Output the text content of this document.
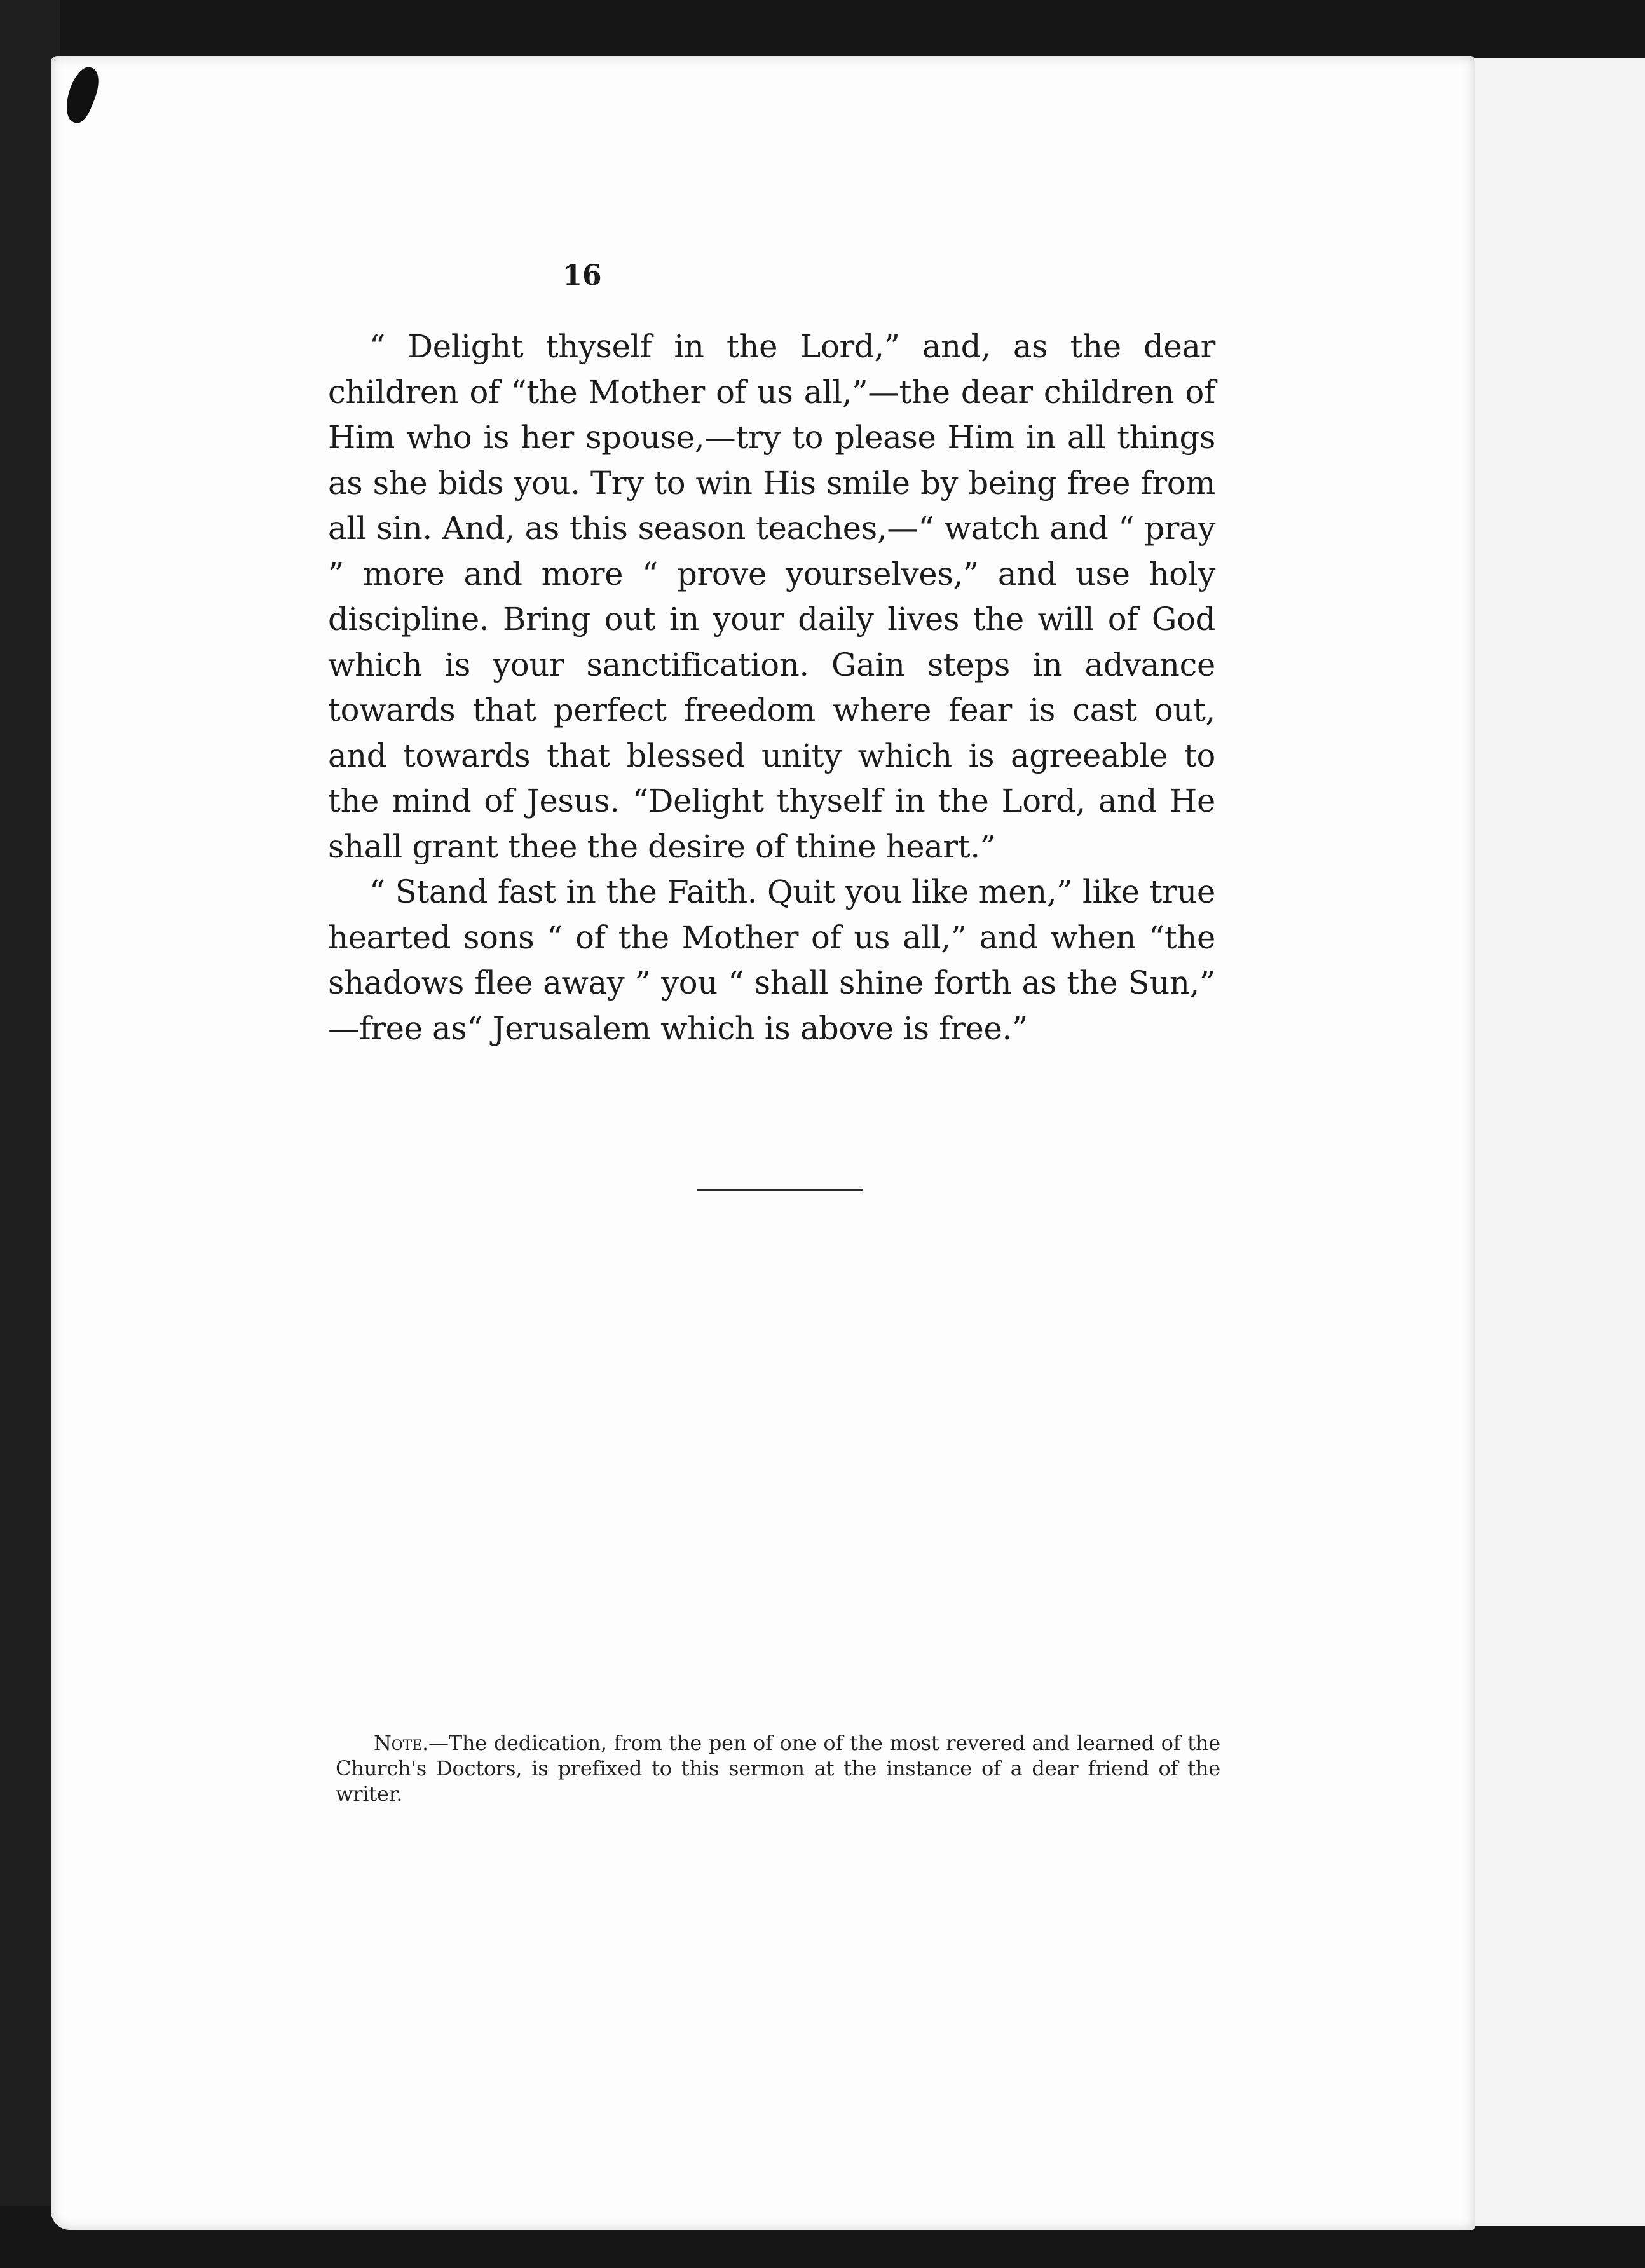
16

“ Delight thyself in the Lord,” and, as the dear children of “the Mother of us all,”—the dear children of Him who is her spouse,—try to please Him in all things as she bids you. Try to win His smile by being free from all sin. And, as this season teaches,—“ watch and “ pray ” more and more “ prove yourselves,” and use holy discipline. Bring out in your daily lives the will of God which is your sanctification. Gain steps in advance towards that perfect freedom where fear is cast out, and towards that blessed unity which is agreeable to the mind of Jesus. “Delight thyself in the Lord, and He shall grant thee the desire of thine heart.”

“ Stand fast in the Faith. Quit you like men,” like true hearted sons “ of the Mother of us all,” and when “the shadows flee away ” you “ shall shine forth as the Sun,” —free as“ Jerusalem which is above is free.”

Note.—The dedication, from the pen of one of the most revered and learned of the Church's Doctors, is prefixed to this sermon at the instance of a dear friend of the writer.
